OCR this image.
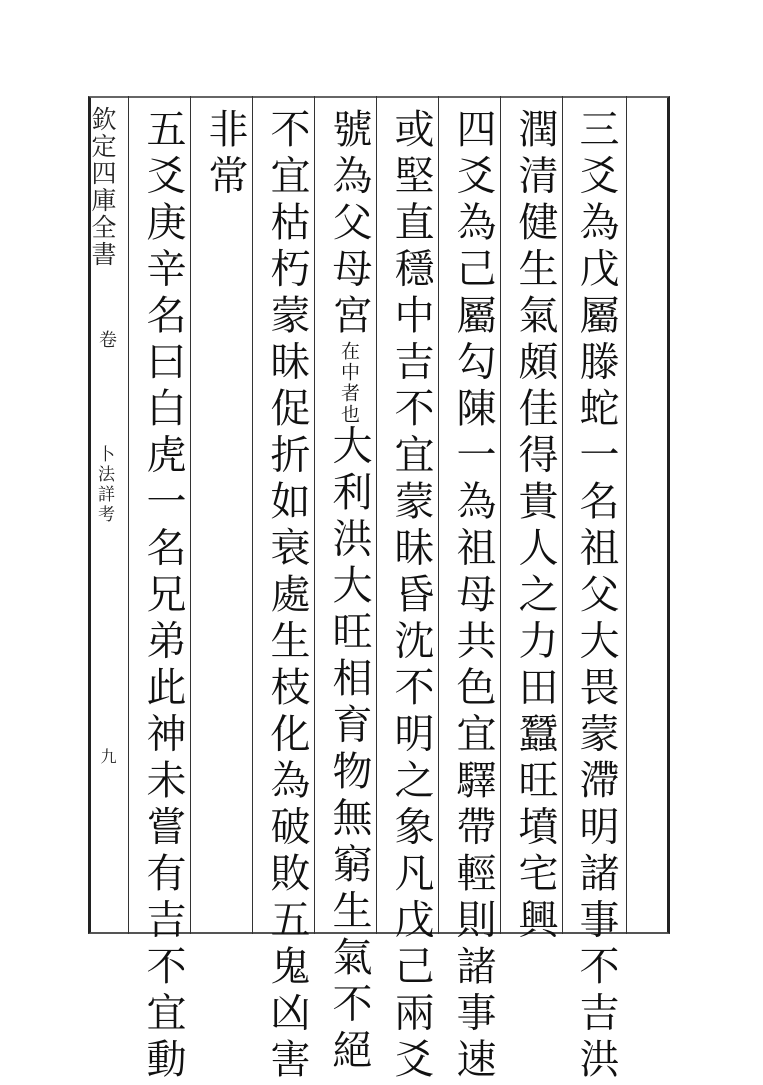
欽定四庫全書
卷
卜法詳考
九	三爻為戊屬滕蛇一名祖父大畏蒙滯明諸事不吉洪
潤清健生氣頗佳得貴人之力田蠶旺墳宅興
四爻為己屬勾陳一為祖母共色宜驛帶輕則諸事速
或堅直穩中吉不宜蒙昧昏沈不明之象凡戊己兩爻
號為父母宮在中者也大利洪大旺相育物無窮生氣不絕
不宜枯朽蒙昧促折如衰處生枝化為破敗五鬼凶害
非常
五爻庚辛名曰白虎一名兄弟此神未嘗有吉不宜動
